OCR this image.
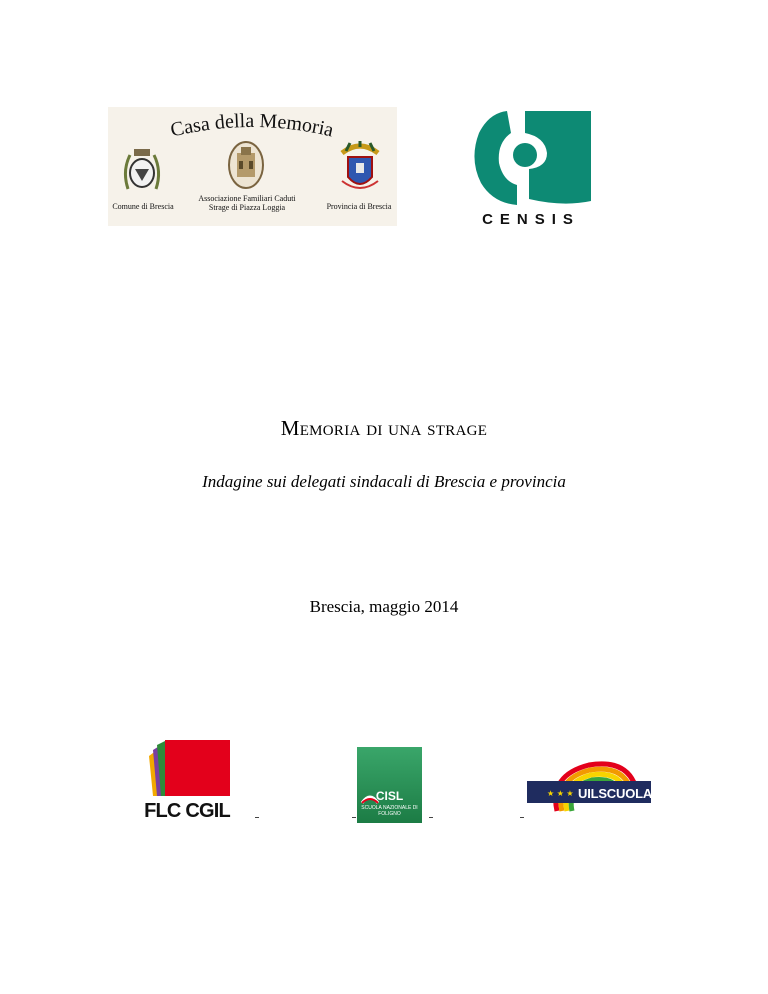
Casa della Memoria
Comune di Brescia
Associazione Familiari Caduti Strage di Piazza Loggia	Provincia di Brescia
CENSIS
Memoria di una strage
Indagine sui delegati sindacali di Brescia e provincia
Brescia, maggio 2014
FLC CGIL
CISL
SCUOLA NAZIONALE DI FOLIGNO
★ ★ ★ UILSCUOLA
